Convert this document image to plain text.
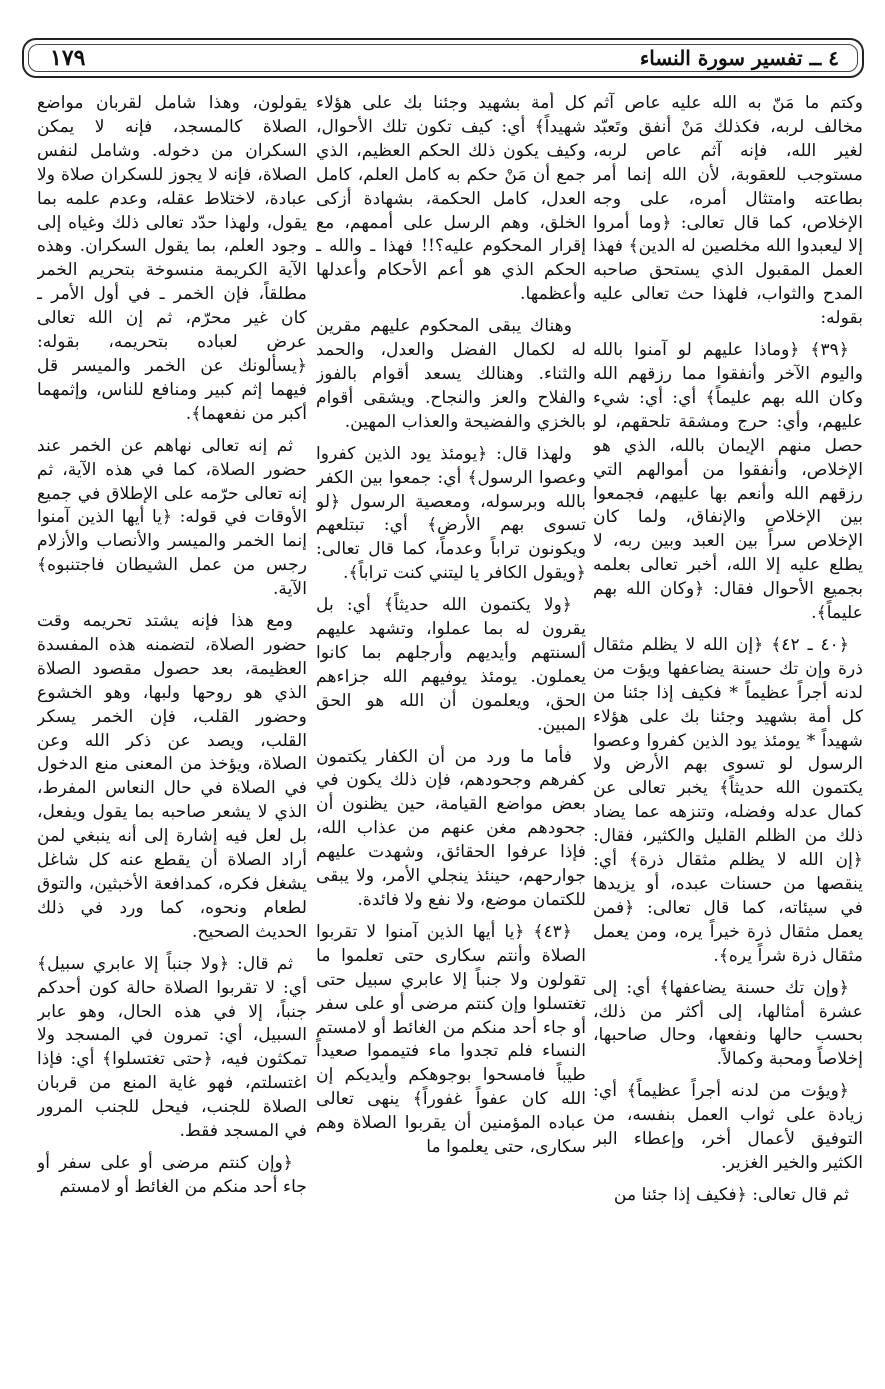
١٧٩	٤ ــ تفسير سورة النساء

وكتم ما مَنّ به الله عليه عاص آثم مخالف لربه، فكذلك مَنْ أنفق وتَعبّد لغير الله، فإنه آثم عاص لربه، مستوجب للعقوبة، لأن الله إنما أمر بطاعته وامتثال أمره، على وجه الإخلاص، كما قال تعالى: ﴿وما أمروا إلا ليعبدوا الله مخلصين له الدين﴾ فهذا العمل المقبول الذي يستحق صاحبه المدح والثواب، فلهذا حث تعالى عليه بقوله:

﴿٣٩﴾ ﴿وماذا عليهم لو آمنوا بالله واليوم الآخر وأنفقوا مما رزقهم الله وكان الله بهم عليماً﴾ أي: أي: شيء عليهم، وأي: حرج ومشقة تلحقهم، لو حصل منهم الإيمان بالله، الذي هو الإخلاص، وأنفقوا من أموالهم التي رزقهم الله وأنعم بها عليهم، فجمعوا بين الإخلاص والإنفاق، ولما كان الإخلاص سراً بين العبد وبين ربه، لا يطلع عليه إلا الله، أخبر تعالى بعلمه بجميع الأحوال فقال: ﴿وكان الله بهم عليماً﴾.

﴿٤٠ ـ ٤٢﴾ ﴿إن الله لا يظلم مثقال ذرة وإن تك حسنة يضاعفها ويؤت من لدنه أجراً عظيماً * فكيف إذا جئنا من كل أمة بشهيد وجئنا بك على هؤلاء شهيداً * يومئذ يود الذين كفروا وعصوا الرسول لو تسوى بهم الأرض ولا يكتمون الله حديثاً﴾ يخبر تعالى عن كمال عدله وفضله، وتنزهه عما يضاد ذلك من الظلم القليل والكثير، فقال: ﴿إن الله لا يظلم مثقال ذرة﴾ أي: ينقصها من حسنات عبده، أو يزيدها في سيئاته، كما قال تعالى: ﴿فمن يعمل مثقال ذرة خيراً يره، ومن يعمل مثقال ذرة شراً يره﴾.

﴿وإن تك حسنة يضاعفها﴾ أي: إلى عشرة أمثالها، إلى أكثر من ذلك، بحسب حالها ونفعها، وحال صاحبها، إخلاصاً ومحبة وكمالاً.

﴿ويؤت من لدنه أجراً عظيماً﴾ أي: زيادة على ثواب العمل بنفسه، من التوفيق لأعمال أخر، وإعطاء البر الكثير والخير الغزير.

ثم قال تعالى: ﴿فكيف إذا جئنا من

كل أمة بشهيد وجئنا بك على هؤلاء شهيداً﴾ أي: كيف تكون تلك الأحوال، وكيف يكون ذلك الحكم العظيم، الذي جمع أن مَنْ حكم به كامل العلم، كامل العدل، كامل الحكمة، بشهادة أزكى الخلق، وهم الرسل على أممهم، مع إقرار المحكوم عليه؟!! فهذا ـ والله ـ الحكم الذي هو أعم الأحكام وأعدلها وأعظمها.

وهناك يبقى المحكوم عليهم مقرين له لكمال الفضل والعدل، والحمد والثناء. وهنالك يسعد أقوام بالفوز والفلاح والعز والنجاح. ويشقى أقوام بالخزي والفضيحة والعذاب المهين.

ولهذا قال: ﴿يومئذ يود الذين كفروا وعصوا الرسول﴾ أي: جمعوا بين الكفر بالله وبرسوله، ومعصية الرسول ﴿لو تسوى بهم الأرض﴾ أي: تبتلعهم ويكونون تراباً وعدماً، كما قال تعالى: ﴿ويقول الكافر يا ليتني كنت تراباً﴾.

﴿ولا يكتمون الله حديثاً﴾ أي: بل يقرون له بما عملوا، وتشهد عليهم ألسنتهم وأيديهم وأرجلهم بما كانوا يعملون. يومئذ يوفيهم الله جزاءهم الحق، ويعلمون أن الله هو الحق المبين.

فأما ما ورد من أن الكفار يكتمون كفرهم وجحودهم، فإن ذلك يكون في بعض مواضع القيامة، حين يظنون أن جحودهم مغن عنهم من عذاب الله، فإذا عرفوا الحقائق، وشهدت عليهم جوارحهم، حينئذ ينجلي الأمر، ولا يبقى للكتمان موضع، ولا نفع ولا فائدة.

﴿٤٣﴾ ﴿يا أيها الذين آمنوا لا تقربوا الصلاة وأنتم سكارى حتى تعلموا ما تقولون ولا جنباً إلا عابري سبيل حتى تغتسلوا وإن كنتم مرضى أو على سفر أو جاء أحد منكم من الغائط أو لامستم النساء فلم تجدوا ماء فتيمموا صعيداً طيباً فامسحوا بوجوهكم وأيديكم إن الله كان عفواً غفوراً﴾ ينهى تعالى عباده المؤمنين أن يقربوا الصلاة وهم سكارى، حتى يعلموا ما

يقولون، وهذا شامل لقربان مواضع الصلاة كالمسجد، فإنه لا يمكن السكران من دخوله. وشامل لنفس الصلاة، فإنه لا يجوز للسكران صلاة ولا عبادة، لاختلاط عقله، وعدم علمه بما يقول، ولهذا حدّد تعالى ذلك وغياه إلى وجود العلم، بما يقول السكران. وهذه الآية الكريمة منسوخة بتحريم الخمر مطلقاً، فإن الخمر ـ في أول الأمر ـ كان غير محرّم، ثم إن الله تعالى عرض لعباده بتحريمه، بقوله: ﴿يسألونك عن الخمر والميسر قل فيهما إثم كبير ومنافع للناس، وإثمهما أكبر من نفعهما﴾.

ثم إنه تعالى نهاهم عن الخمر عند حضور الصلاة، كما في هذه الآية، ثم إنه تعالى حرّمه على الإطلاق في جميع الأوقات في قوله: ﴿يا أيها الذين آمنوا إنما الخمر والميسر والأنصاب والأزلام رجس من عمل الشيطان فاجتنبوه﴾ الآية.

ومع هذا فإنه يشتد تحريمه وقت حضور الصلاة، لتضمنه هذه المفسدة العظيمة، بعد حصول مقصود الصلاة الذي هو روحها ولبها، وهو الخشوع وحضور القلب، فإن الخمر يسكر القلب، ويصد عن ذكر الله وعن الصلاة، ويؤخذ من المعنى منع الدخول في الصلاة في حال النعاس المفرط، الذي لا يشعر صاحبه بما يقول ويفعل، بل لعل فيه إشارة إلى أنه ينبغي لمن أراد الصلاة أن يقطع عنه كل شاغل يشغل فكره، كمدافعة الأخبثين، والتوق لطعام ونحوه، كما ورد في ذلك الحديث الصحيح.

ثم قال: ﴿ولا جنباً إلا عابري سبيل﴾ أي: لا تقربوا الصلاة حالة كون أحدكم جنباً، إلا في هذه الحال، وهو عابر السبيل، أي: تمرون في المسجد ولا تمكثون فيه، ﴿حتى تغتسلوا﴾ أي: فإذا اغتسلتم، فهو غاية المنع من قربان الصلاة للجنب، فيحل للجنب المرور في المسجد فقط.

﴿وإن كنتم مرضى أو على سفر أو جاء أحد منكم من الغائط أو لامستم
